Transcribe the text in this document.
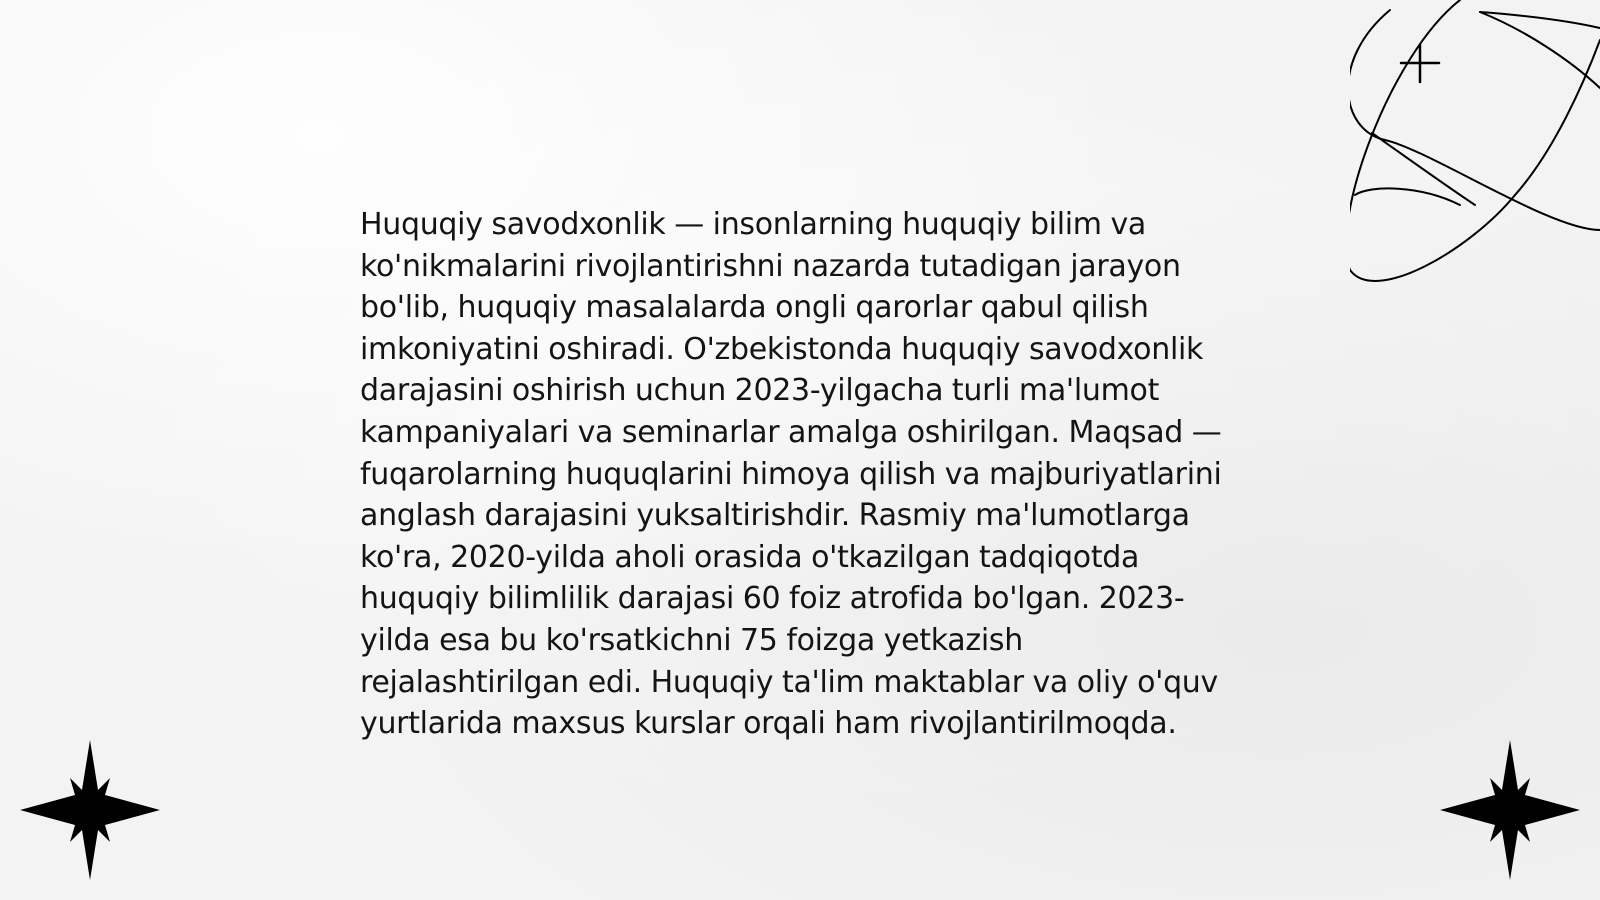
Huquqiy savodxonlik — insonlarning huquqiy bilim va ko'nikmalarini rivojlantirishni nazarda tutadigan jarayon bo'lib, huquqiy masalalarda ongli qarorlar qabul qilish imkoniyatini oshiradi. O'zbekistonda huquqiy savodxonlik darajasini oshirish uchun 2023-yilgacha turli ma'lumot kampaniyalari va seminarlar amalga oshirilgan. Maqsad — fuqarolarning huquqlarini himoya qilish va majburiyatlarini anglash darajasini yuksaltirishdir. Rasmiy ma'lumotlarga ko'ra, 2020-yilda aholi orasida o'tkazilgan tadqiqotda huquqiy bilimlilik darajasi 60 foiz atrofida bo'lgan. 2023-yilda esa bu ko'rsatkichni 75 foizga yetkazish rejalashtirilgan edi. Huquqiy ta'lim maktablar va oliy o'quv yurtlarida maxsus kurslar orqali ham rivojlantirilmoqda.
